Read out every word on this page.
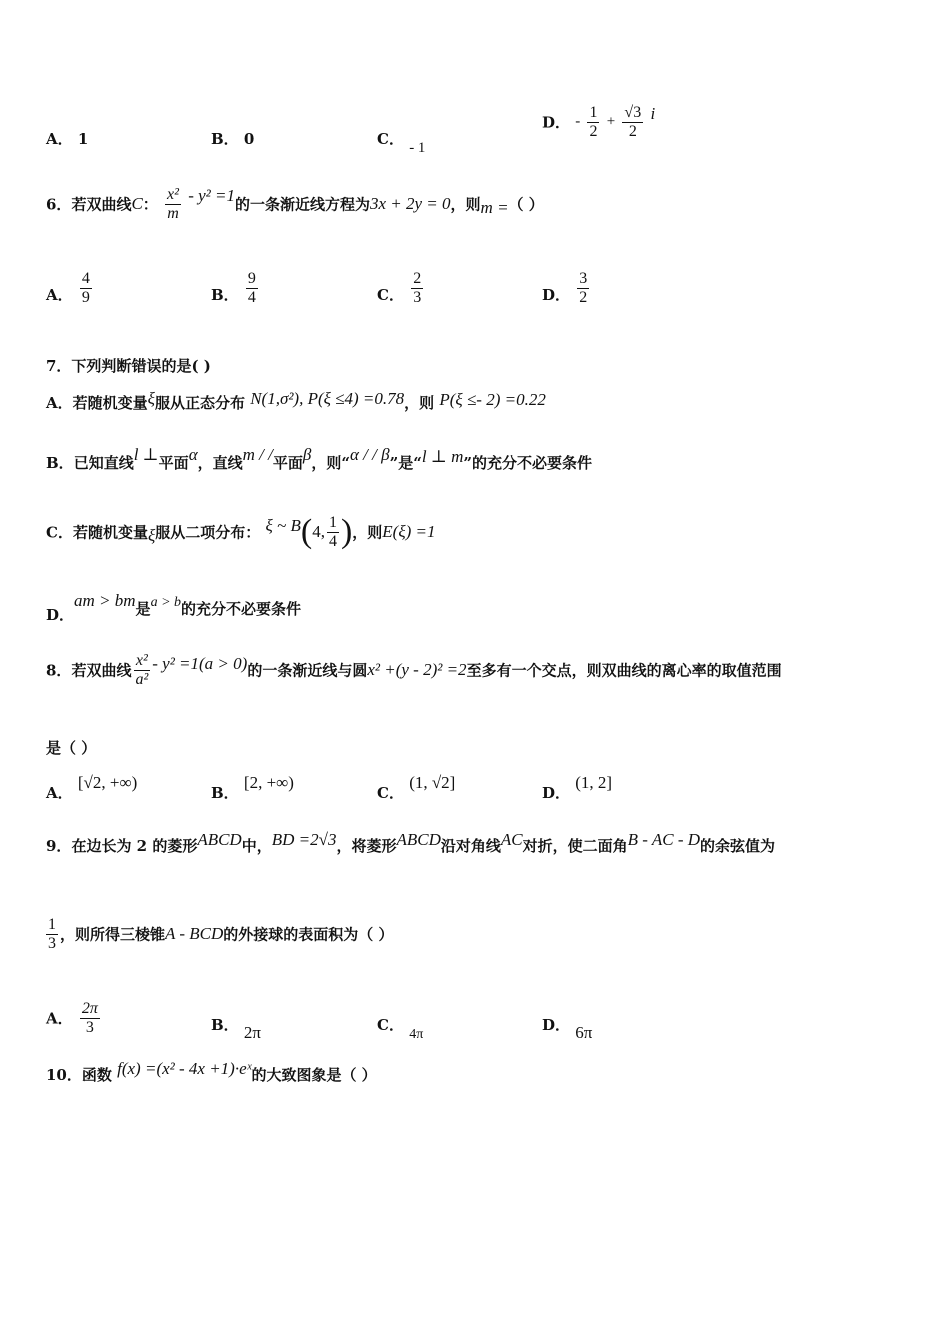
A． 1	B． 0	C． - 1
D． - $\frac{1}{2} + \frac{√3}{2}$ i
6．若双曲线C： $\frac{\text{x²}}{m} - y^2 =1$的一条渐近线方程为3x + 2y = 0，则m =（ ）
A． $\frac{4}{9}$	B． $\frac{9}{4}$	C． $\frac{2}{3}$	D． $\frac{3}{2}$
7．下列判断错误的是( )
A．若随机变量ξ服从正态分布 N(1,σ²), P(ξ ≤4) =0.78，则 P(ξ ≤- 2) =0.22
B．已知直线l ⊥平面α，直线m / /平面β，则“α / / β”是“l ⊥ m”的充分不必要条件
C．若随机变量ξ服从二项分布： ξ ~ B(4, $\frac{1}{4}$ )，则E(ξ) =1
D．am > bm是a > b的充分不必要条件
8．若双曲线 $\frac{\text{x²}}{\text{a²}} - y^2 =1(a > 0)$的一条渐近线与圆x² +(y - 2)² =2至多有一个交点，则双曲线的离心率的取值范围
是（ ）
A． [√2, +∞)
B． [2, +∞)
C． (1, √2]
D． (1, 2]
9．在边长为 2 的菱形ABCD中，BD =2√3，将菱形ABCD沿对角线AC对折，使二面角B - AC - D的余弦值为
$\frac{1}{3}$ ，则所得三棱锥A - BCD的外接球的表面积为（ ）
A． $\frac{2\pi}{3}$	B． 2π	C． 4π
D． 6π
10．函数 f(x) =(x² - 4x +1)·eˣ的大致图象是（ ）
